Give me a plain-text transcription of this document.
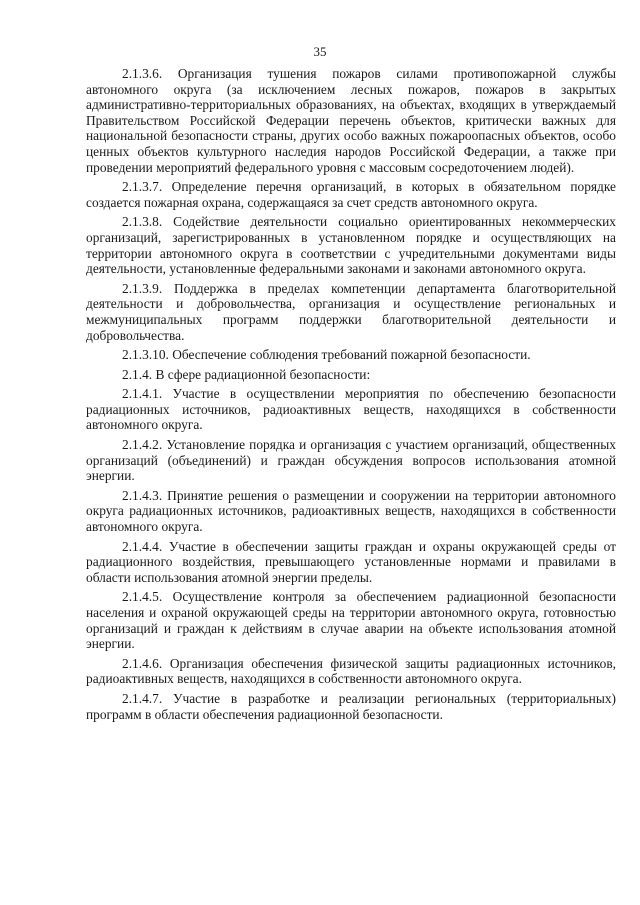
35

2.1.3.6. Организация тушения пожаров силами противопожарной службы автономного округа (за исключением лесных пожаров, пожаров в закрытых административно-территориальных образованиях, на объектах, входящих в утверждаемый Правительством Российской Федерации перечень объектов, критически важных для национальной безопасности страны, других особо важных пожароопасных объектов, особо ценных объектов культурного наследия народов Российской Федерации, а также при проведении мероприятий федерального уровня с массовым сосредоточением людей).

2.1.3.7. Определение перечня организаций, в которых в обязательном порядке создается пожарная охрана, содержащаяся за счет средств автономного округа.

2.1.3.8. Содействие деятельности социально ориентированных некоммерческих организаций, зарегистрированных в установленном порядке и осуществляющих на территории автономного округа в соответствии с учредительными документами виды деятельности, установленные федеральными законами и законами автономного округа.

2.1.3.9. Поддержка в пределах компетенции департамента благотворительной деятельности и добровольчества, организация и осуществление региональных и межмуниципальных программ поддержки благотворительной деятельности и добровольчества.

2.1.3.10. Обеспечение соблюдения требований пожарной безопасности.

2.1.4. В сфере радиационной безопасности:

2.1.4.1. Участие в осуществлении мероприятия по обеспечению безопасности радиационных источников, радиоактивных веществ, находящихся в собственности автономного округа.

2.1.4.2. Установление порядка и организация с участием организаций, общественных организаций (объединений) и граждан обсуждения вопросов использования атомной энергии.

2.1.4.3. Принятие решения о размещении и сооружении на территории автономного округа радиационных источников, радиоактивных веществ, находящихся в собственности автономного округа.

2.1.4.4. Участие в обеспечении защиты граждан и охраны окружающей среды от радиационного воздействия, превышающего установленные нормами и правилами в области использования атомной энергии пределы.

2.1.4.5. Осуществление контроля за обеспечением радиационной безопасности населения и охраной окружающей среды на территории автономного округа, готовностью организаций и граждан к действиям в случае аварии на объекте использования атомной энергии.

2.1.4.6. Организация обеспечения физической защиты радиационных источников, радиоактивных веществ, находящихся в собственности автономного округа.

2.1.4.7. Участие в разработке и реализации региональных (территориальных) программ в области обеспечения радиационной безопасности.
